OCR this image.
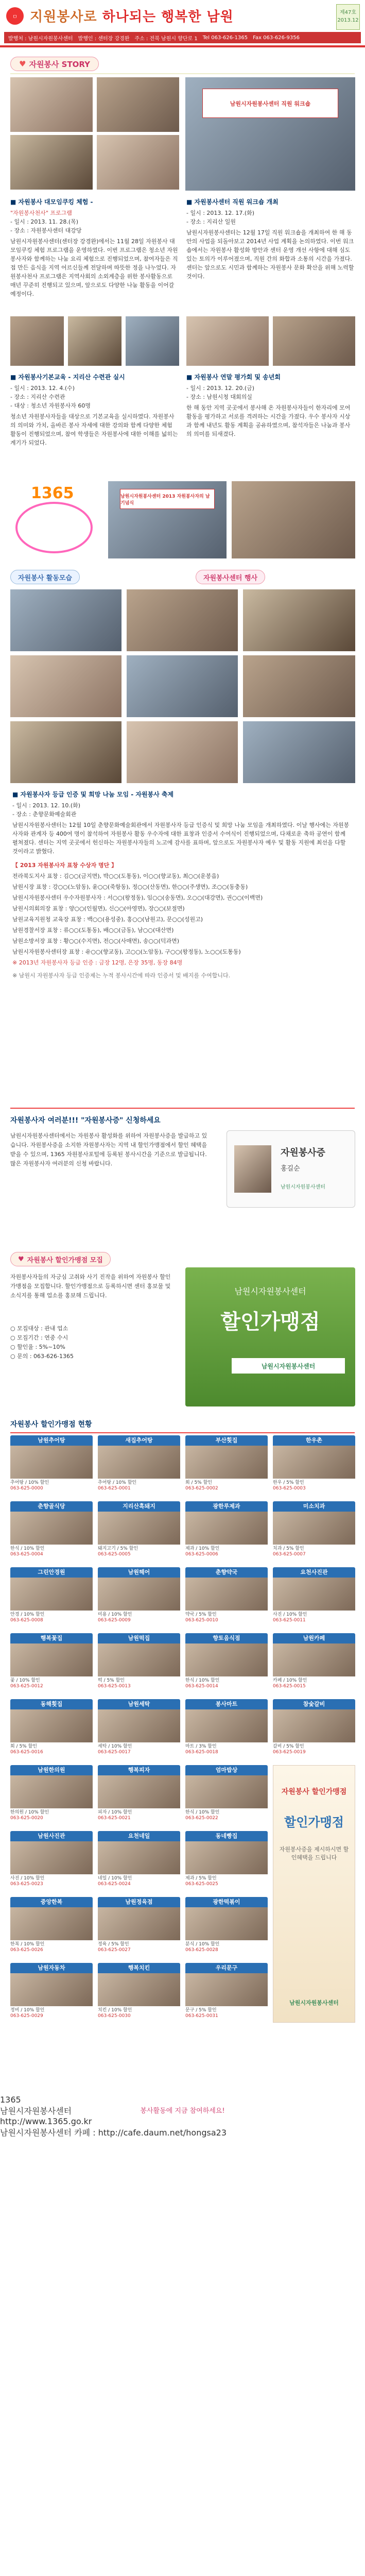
ㅁ 지원봉사로 하나되는 행복한 남원	제47호
2013.12
발행처 : 남원시자원봉사센터 발행인 : 센터장 강경완 주소 : 전북 남원시 향단로 1 Tel 063-626-1365 Fax 063-626-9356
♥ 자원봉사 STORY
남원시자원봉사센터 직원 워크숍
■ 자원봉사 대모임쿠킹 체험 -

"자원봉사천사" 프로그램

- 일시 : 2013. 11. 28.(목)

- 장소 : 자원봉사센터 대강당

남원시자원봉사센터(센터장 강경완)에서는 11월 28일 자원봉사 대모임쿠킹 체험 프로그램을 운영하였다. 이번 프로그램은 청소년 자원봉사자와 함께하는 나눔 요리 체험으로 진행되었으며, 참여자들은 직접 만든 음식을 지역 어르신들께 전달하며 따뜻한 정을 나누었다. 자원봉사천사 프로그램은 지역사회의 소외계층을 위한 봉사활동으로 매년 꾸준히 진행되고 있으며, 앞으로도 다양한 나눔 활동을 이어갈 예정이다.

■ 자원봉사센터 직원 워크숍 개최

- 일시 : 2013. 12. 17.(화)

- 장소 : 지리산 일원

남원시자원봉사센터는 12월 17일 직원 워크숍을 개최하여 한 해 동안의 사업을 되돌아보고 2014년 사업 계획을 논의하였다. 이번 워크숍에서는 자원봉사 활성화 방안과 센터 운영 개선 사항에 대해 심도 있는 토의가 이루어졌으며, 직원 간의 화합과 소통의 시간을 가졌다. 센터는 앞으로도 시민과 함께하는 자원봉사 문화 확산을 위해 노력할 것이다.

■ 자원봉사기본교육 - 지리산 수련관 실시

- 일시 : 2013. 12. 4.(수)

- 장소 : 지리산 수련관

- 대상 : 청소년 자원봉사자 60명

청소년 자원봉사자들을 대상으로 기본교육을 실시하였다. 자원봉사의 의미와 가치, 올바른 봉사 자세에 대한 강의와 함께 다양한 체험 활동이 진행되었으며, 참여 학생들은 자원봉사에 대한 이해를 넓히는 계기가 되었다.

■ 자원봉사 연말 평가회 및 송년회

- 일시 : 2013. 12. 20.(금)

- 장소 : 남원시청 대회의실

한 해 동안 지역 곳곳에서 봉사해 온 자원봉사자들이 한자리에 모여 활동을 평가하고 서로를 격려하는 시간을 가졌다. 우수 봉사자 시상과 함께 내년도 활동 계획을 공유하였으며, 참석자들은 나눔과 봉사의 의미를 되새겼다.

1365	남원시자원봉사센터 2013 자원봉사자의 날 기념식
자원봉사 활동모습	자원봉사센터 행사
■ 자원봉사자 등급 인증 및 희망 나눔 모임 - 자원봉사 축제

- 일시 : 2013. 12. 10.(화)

- 장소 : 춘향문화예술회관

남원시자원봉사센터는 12월 10일 춘향문화예술회관에서 자원봉사자 등급 인증식 및 희망 나눔 모임을 개최하였다. 이날 행사에는 자원봉사자와 관계자 등 400여 명이 참석하여 자원봉사 활동 우수자에 대한 표창과 인증서 수여식이 진행되었으며, 다채로운 축하 공연이 함께 펼쳐졌다. 센터는 지역 곳곳에서 헌신하는 자원봉사자들의 노고에 감사를 표하며, 앞으로도 자원봉사자 예우 및 활동 지원에 최선을 다할 것이라고 밝혔다.

【 2013 자원봉사자 표창 수상자 명단 】

전라북도지사 표창 : 김○○(금지면), 박○○(도통동), 이○○(향교동), 최○○(운봉읍)

남원시장 표창 : 강○○(노암동), 윤○○(죽항동), 정○○(산동면), 한○○(주생면), 조○○(동충동)

남원시자원봉사센터 우수자원봉사자 : 서○○(왕정동), 임○○(송동면), 오○○(대강면), 권○○(이백면)

남원시의회의장 표창 : 양○○(인월면), 신○○(아영면), 장○○(보절면)

남원교육지원청 교육장 표창 : 백○○(용성중), 홍○○(남원고), 문○○(성원고)

남원경찰서장 표창 : 류○○(도통동), 배○○(금동), 남○○(대산면)

남원소방서장 표창 : 황○○(수지면), 전○○(사매면), 송○○(덕과면)

남원시자원봉사센터장 표창 : 유○○(향교동), 고○○(노암동), 구○○(왕정동), 노○○(도통동)

※ 2013년 자원봉사자 등급 인증 : 금장 12명, 은장 35명, 동장 84명

※ 남원시 자원봉사자 등급 인증제는 누적 봉사시간에 따라 인증서 및 배지를 수여합니다.

자원봉사자 여러분!!! "자원봉사증" 신청하세요
남원시자원봉사센터에서는 자원봉사 활성화를 위하여 자원봉사증을 발급하고 있습니다. 자원봉사증을 소지한 자원봉사자는 지역 내 할인가맹점에서 할인 혜택을 받을 수 있으며, 1365 자원봉사포털에 등록된 봉사시간을 기준으로 발급됩니다. 많은 자원봉사자 여러분의 신청 바랍니다.
자원봉사증
홍길순
남원시자원봉사센터
♥ 자원봉사 할인가맹점 모집
자원봉사자들의 자긍심 고취와 사기 진작을 위하여 자원봉사 할인가맹점을 모집합니다. 할인가맹점으로 등록하시면 센터 홍보물 및 소식지를 통해 업소를 홍보해 드립니다.

○ 모집대상 : 관내 업소

○ 모집기간 : 연중 수시

○ 할인율 : 5%~10%

○ 문의 : 063-626-1365

남원시자원봉사센터
할인가맹점
남원시자원봉사센터
자원봉사 할인가맹점 현황
남원추어탕
추어탕 / 10% 할인
063-625-0000
새집추어탕
추어탕 / 10% 할인
063-625-0001
부산횟집
회 / 5% 할인
063-625-0002
한우촌
한우 / 5% 할인
063-625-0003
춘향골식당
한식 / 10% 할인
063-625-0004
지리산흑돼지
돼지고기 / 5% 할인
063-625-0005
광한루제과
제과 / 10% 할인
063-625-0006
미소치과
치과 / 5% 할인
063-625-0007
그린안경원
안경 / 10% 할인
063-625-0008
남원헤어
미용 / 10% 할인
063-625-0009
춘향약국
약국 / 5% 할인
063-625-0010
요천사진관
사진 / 10% 할인
063-625-0011
행복꽃집
꽃 / 10% 할인
063-625-0012
남원떡집
떡 / 5% 할인
063-625-0013
향토음식점
한식 / 10% 할인
063-625-0014
남원카페
카페 / 10% 할인
063-625-0015
동해횟집
회 / 5% 할인
063-625-0016
남원세탁
세탁 / 10% 할인
063-625-0017
봉사마트
마트 / 3% 할인
063-625-0018
참숯갈비
갈비 / 5% 할인
063-625-0019
남원한의원
한의원 / 10% 할인
063-625-0020
행복피자
피자 / 10% 할인
063-625-0021
엄마밥상
한식 / 10% 할인
063-625-0022
남원사진관
사진 / 10% 할인
063-625-0023
요천네일
네일 / 10% 할인
063-625-0024
동네빵집
제과 / 5% 할인
063-625-0025
중앙한복
한복 / 10% 할인
063-625-0026
남원정육점
정육 / 5% 할인
063-625-0027
광한떡볶이
분식 / 10% 할인
063-625-0028
남원자동차
정비 / 10% 할인
063-625-0029
행복치킨
치킨 / 10% 할인
063-625-0030
우리문구
문구 / 5% 할인
063-625-0031
자원봉사 할인가맹점
할인가맹점
자원봉사증을 제시하시면 할인혜택을 드립니다
남원시자원봉사센터
봉사활동에 지금 참여하세요!
1365
남원시자원봉사센터
http://www.1365.go.kr
남원시자원봉사센터 카페 : http://cafe.daum.net/hongsa23
